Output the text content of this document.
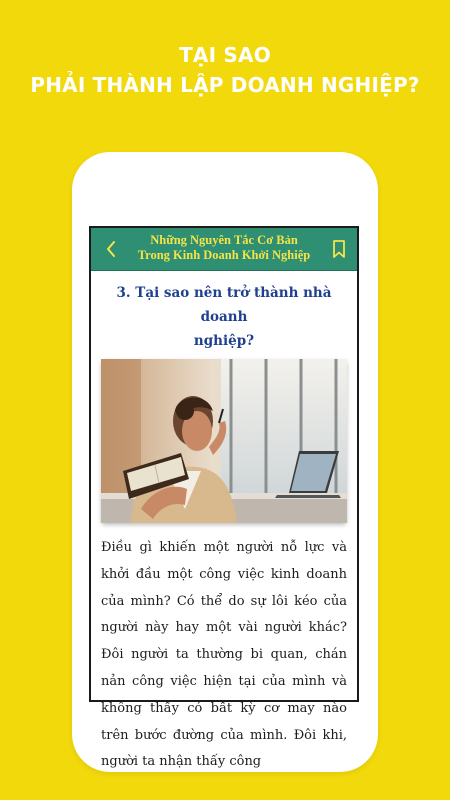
TẠI SAO
PHẢI THÀNH LẬP DOANH NGHIỆP?
Những Nguyên Tắc Cơ Bản
Trong Kinh Doanh Khởi Nghiệp
3. Tại sao nên trở thành nhà doanh
nghiệp?
Điều gì khiến một người nỗ lực và khởi đầu một công việc kinh doanh của mình? Có thể do sự lôi kéo của người này hay một vài người khác? Đôi người ta thường bi quan, chán nản công việc hiện tại của mình và không thấy có bất kỳ cơ may nào trên bước đường của mình. Đôi khi, người ta nhận thấy công
